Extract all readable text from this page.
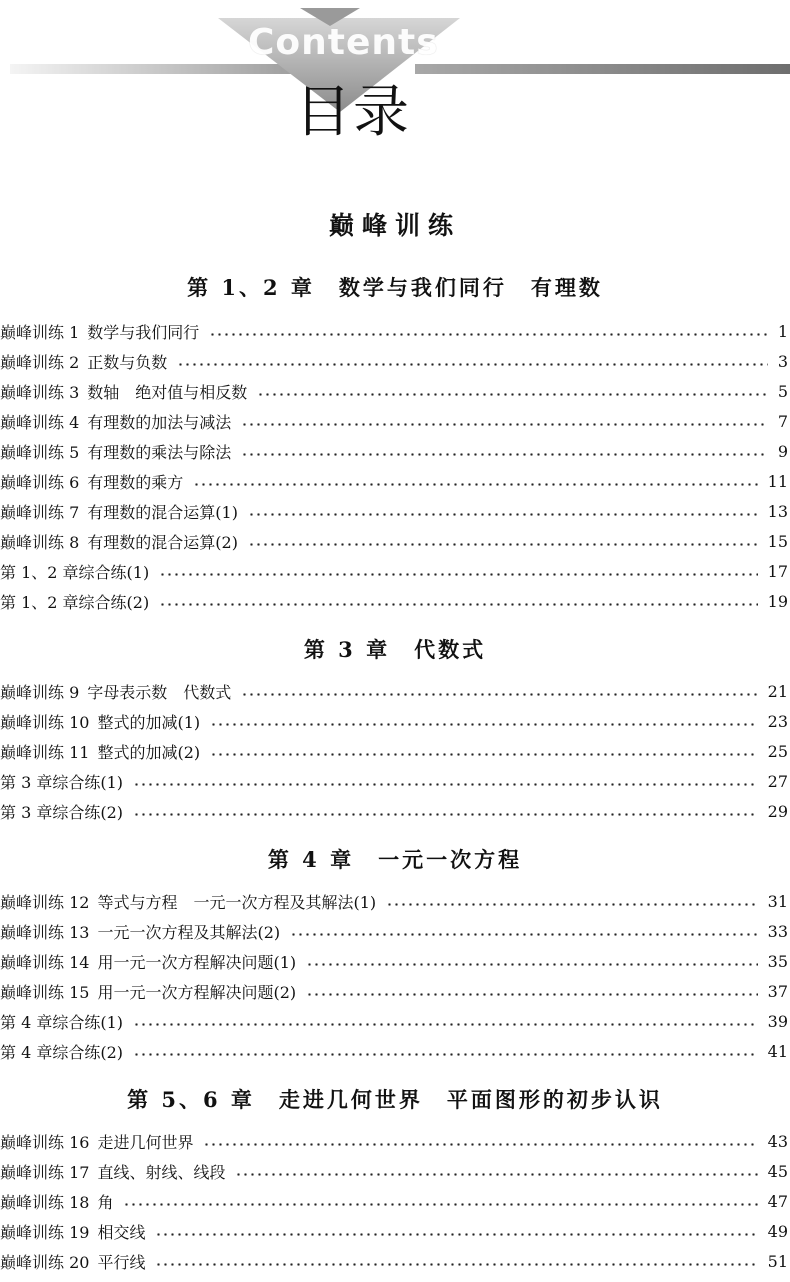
Contents
目录
巅峰训练
第 1、2 章　数学与我们同行　有理数
第 3 章　代数式
第 4 章　一元一次方程
第 5、6 章　走进几何世界　平面图形的初步认识
巅峰训练 1 数学与我们同行	1
巅峰训练 2 正数与负数	3
巅峰训练 3 数轴　绝对值与相反数	5
巅峰训练 4 有理数的加法与减法	7
巅峰训练 5 有理数的乘法与除法	9
巅峰训练 6 有理数的乘方	11
巅峰训练 7 有理数的混合运算(1)	13
巅峰训练 8 有理数的混合运算(2)	15
第 1、2 章综合练(1)	17
第 1、2 章综合练(2)	19
巅峰训练 9 字母表示数　代数式	21
巅峰训练 10 整式的加减(1)	23
巅峰训练 11 整式的加减(2)	25
第 3 章综合练(1)	27
第 3 章综合练(2)	29
巅峰训练 12 等式与方程　一元一次方程及其解法(1)	31
巅峰训练 13 一元一次方程及其解法(2)	33
巅峰训练 14 用一元一次方程解决问题(1)	35
巅峰训练 15 用一元一次方程解决问题(2)	37
第 4 章综合练(1)	39
第 4 章综合练(2)	41
巅峰训练 16 走进几何世界	43
巅峰训练 17 直线、射线、线段	45
巅峰训练 18 角	47
巅峰训练 19 相交线	49
巅峰训练 20 平行线	51
